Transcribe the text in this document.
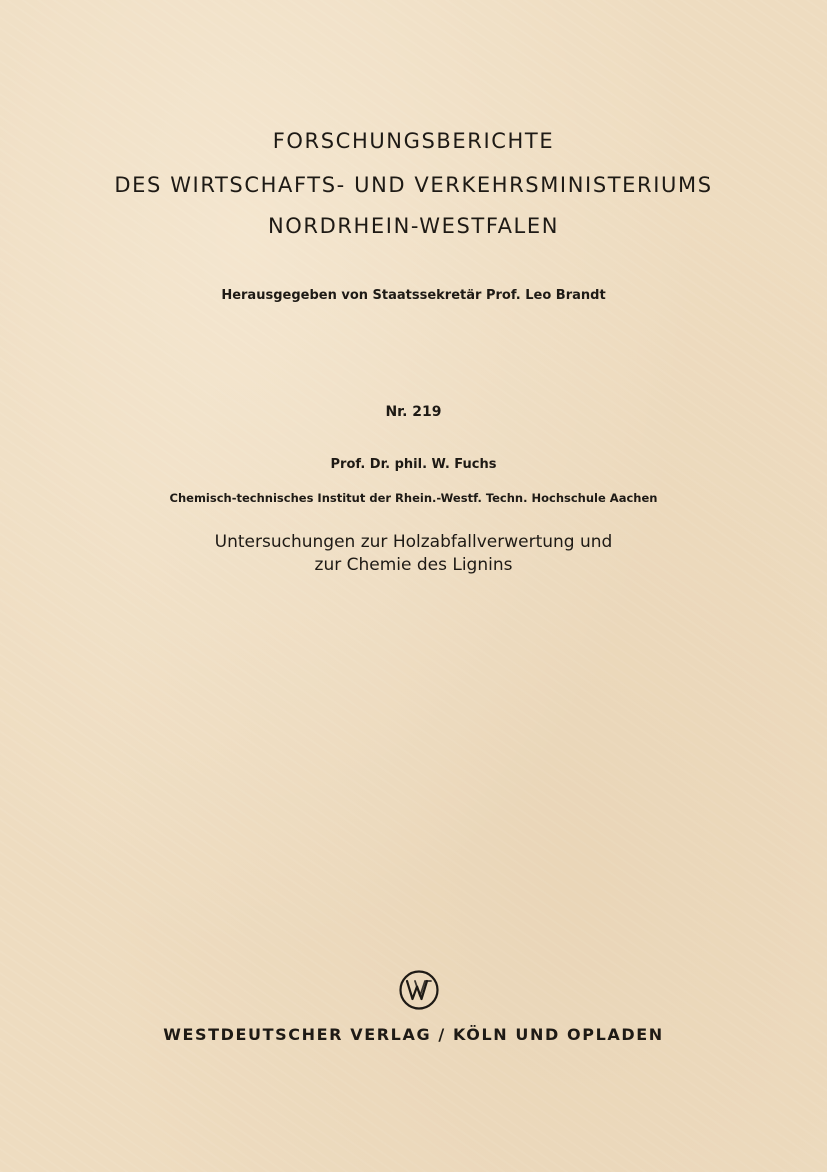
FORSCHUNGSBERICHTE
DES WIRTSCHAFTS- UND VERKEHRSMINISTERIUMS
NORDRHEIN-WESTFALEN
Herausgegeben von Staatssekretär Prof. Leo Brandt
Nr. 219
Prof. Dr. phil. W. Fuchs
Chemisch-technisches Institut der Rhein.-Westf. Techn. Hochschule Aachen
Untersuchungen zur Holzabfallverwertung und
zur Chemie des Lignins
WESTDEUTSCHER VERLAG / KÖLN UND OPLADEN
